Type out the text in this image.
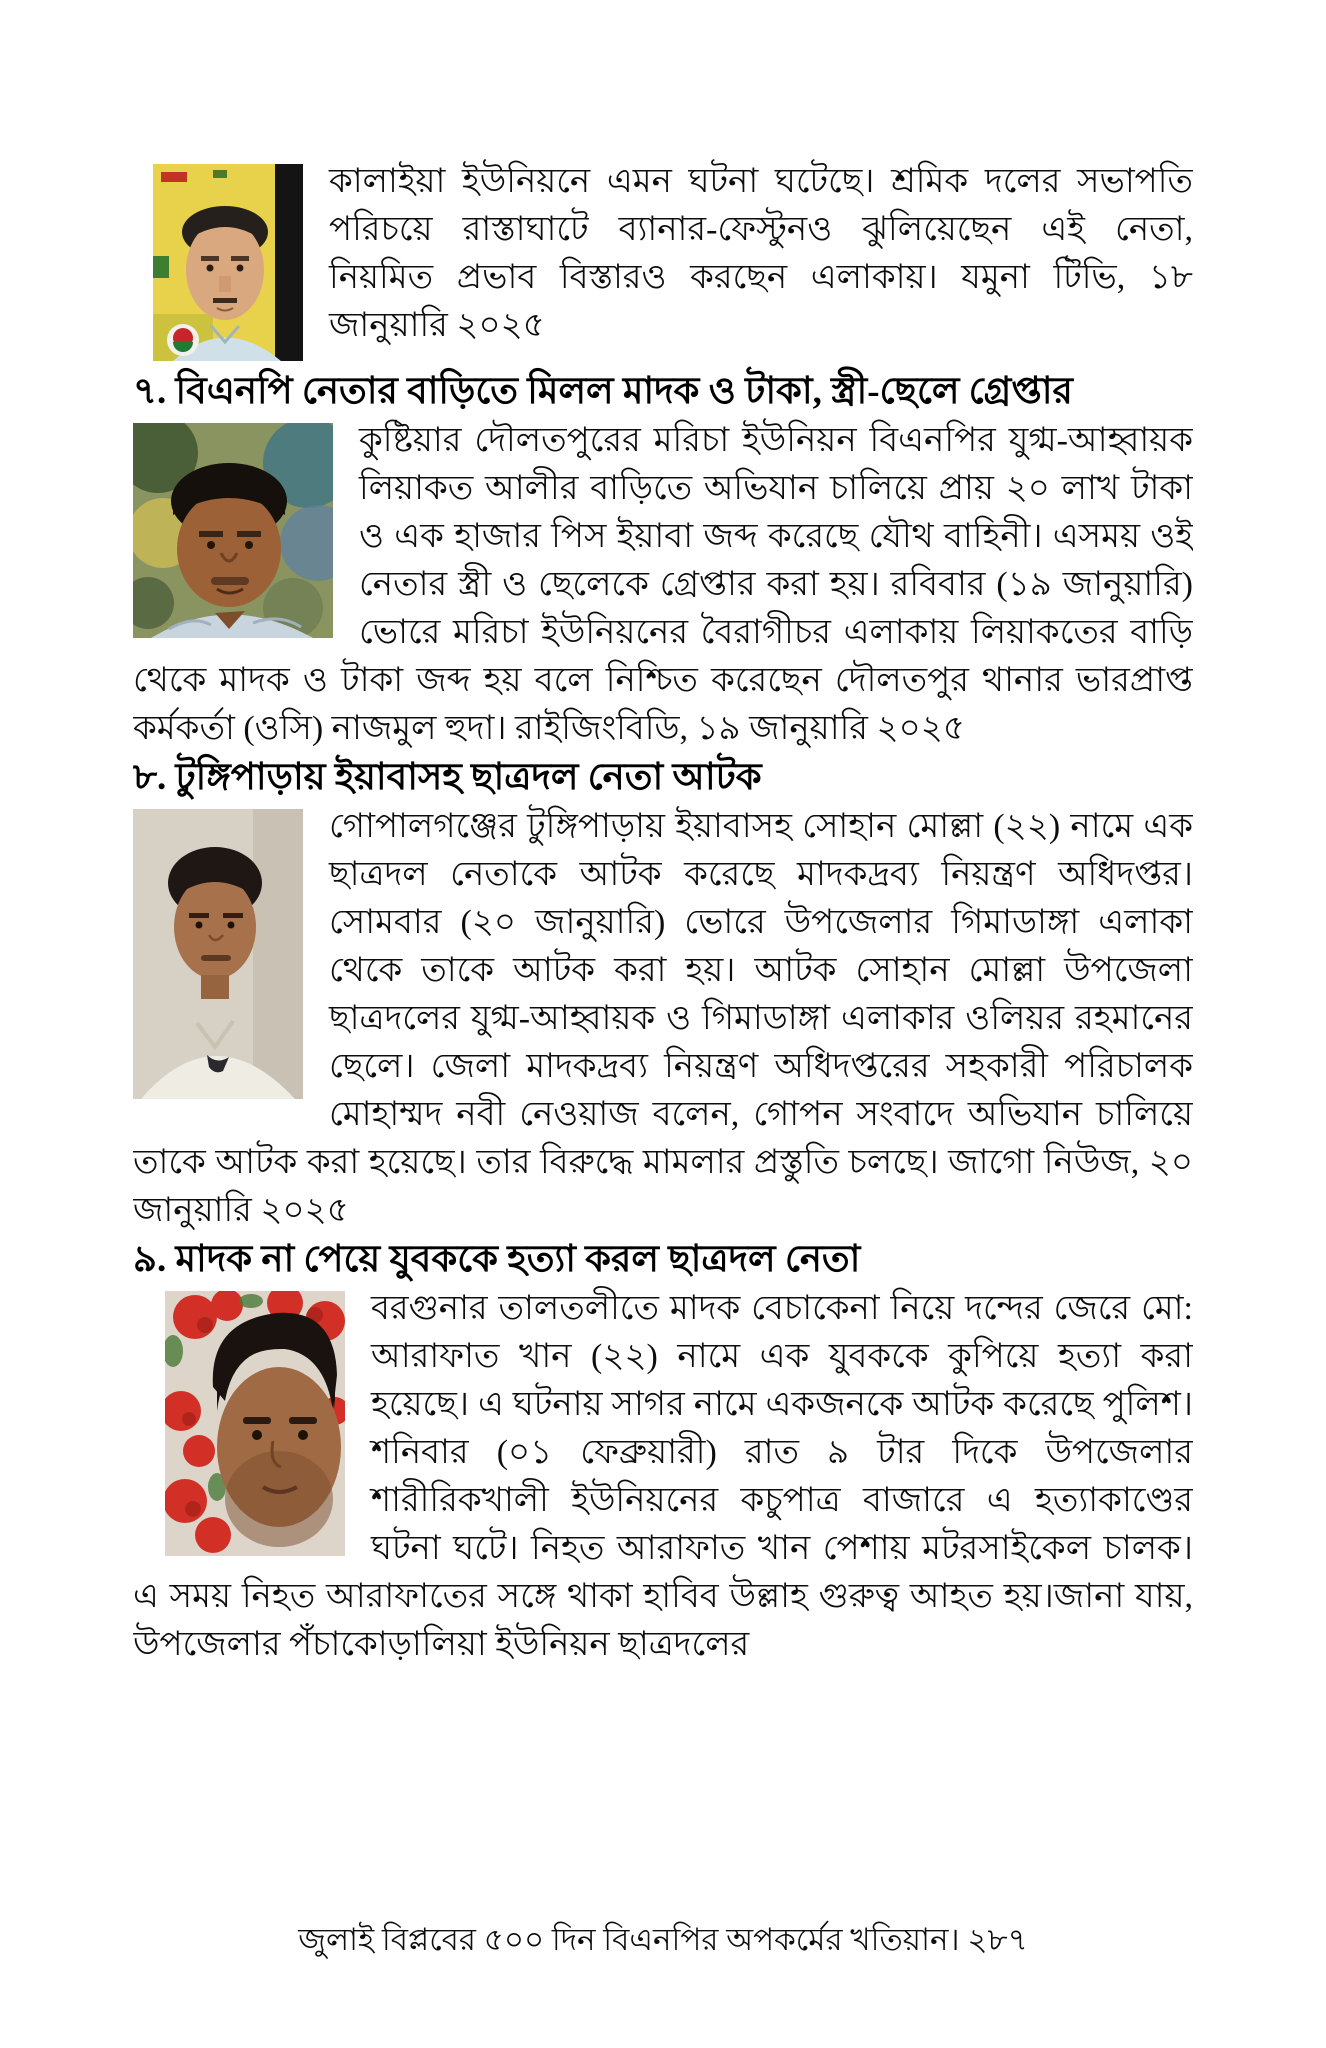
কালাইয়া ইউনিয়নে এমন ঘটনা ঘটেছে। শ্রমিক দলের সভাপতি পরিচয়ে রাস্তাঘাটে ব্যানার-ফেস্টুনও ঝুলিয়েছেন এই নেতা, নিয়মিত প্রভাব বিস্তারও করছেন এলাকায়। যমুনা টিভি, ১৮ জানুয়ারি ২০২৫

৭. বিএনপি নেতার বাড়িতে মিলল মাদক ও টাকা, স্ত্রী-ছেলে গ্রেপ্তার

কুষ্টিয়ার দৌলতপুরের মরিচা ইউনিয়ন বিএনপির যুগ্ম-আহ্বায়ক লিয়াকত আলীর বাড়িতে অভিযান চালিয়ে প্রায় ২০ লাখ টাকা ও এক হাজার পিস ইয়াবা জব্দ করেছে যৌথ বাহিনী। এসময় ওই নেতার স্ত্রী ও ছেলেকে গ্রেপ্তার করা হয়। রবিবার (১৯ জানুয়ারি) ভোরে মরিচা ইউনিয়নের বৈরাগীচর এলাকায় লিয়াকতের বাড়ি থেকে মাদক ও টাকা জব্দ হয় বলে নিশ্চিত করেছেন দৌলতপুর থানার ভারপ্রাপ্ত কর্মকর্তা (ওসি) নাজমুল হুদা। রাইজিংবিডি, ১৯ জানুয়ারি ২০২৫

৮. টুঙ্গিপাড়ায় ইয়াবাসহ ছাত্রদল নেতা আটক

গোপালগঞ্জের টুঙ্গিপাড়ায় ইয়াবাসহ সোহান মোল্লা (২২) নামে এক ছাত্রদল নেতাকে আটক করেছে মাদকদ্রব্য নিয়ন্ত্রণ অধিদপ্তর। সোমবার (২০ জানুয়ারি) ভোরে উপজেলার গিমাডাঙ্গা এলাকা থেকে তাকে আটক করা হয়। আটক সোহান মোল্লা উপজেলা ছাত্রদলের যুগ্ম-আহ্বায়ক ও গিমাডাঙ্গা এলাকার ওলিয়র রহমানের ছেলে। জেলা মাদকদ্রব্য নিয়ন্ত্রণ অধিদপ্তরের সহকারী পরিচালক মোহাম্মদ নবী নেওয়াজ বলেন, গোপন সংবাদে অভিযান চালিয়ে তাকে আটক করা হয়েছে। তার বিরুদ্ধে মামলার প্রস্তুতি চলছে। জাগো নিউজ, ২০ জানুয়ারি ২০২৫

৯. মাদক না পেয়ে যুবককে হত্যা করল ছাত্রদল নেতা

বরগুনার তালতলীতে মাদক বেচাকেনা নিয়ে দন্দের জেরে মো: আরাফাত খান (২২) নামে এক যুবককে কুপিয়ে হত্যা করা হয়েছে। এ ঘটনায় সাগর নামে একজনকে আটক করেছে পুলিশ।শনিবার (০১ ফেব্রুয়ারী) রাত ৯ টার দিকে উপজেলার শারীরিকখালী ইউনিয়নের কচুপাত্র বাজারে এ হত্যাকাণ্ডের ঘটনা ঘটে। নিহত আরাফাত খান পেশায় মটরসাইকেল চালক। এ সময় নিহত আরাফাতের সঙ্গে থাকা হাবিব উল্লাহ গুরুত্ব আহত হয়।জানা যায়, উপজেলার পঁচাকোড়ালিয়া ইউনিয়ন ছাত্রদলের

জুলাই বিপ্লবের ৫০০ দিন বিএনপির অপকর্মের খতিয়ান। ২৮৭
